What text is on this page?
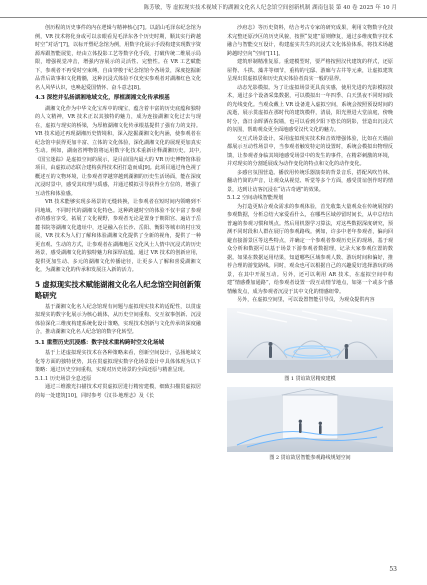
陈芳敏，等 虚拟现实技术视域下的湖湘文化名人纪念馆空间创新机制 湖南包装 第 40 卷 2025 年 10 月

创历程的历史事件的内在逻辑与精神核心[7]。以韶山毛泽东纪念馆为例，VR 技术将化身或可以亲眼看见毛泽东各个历史时期，顺其实行跨越时空“对话”[7]，以标开塑纪念馆为例，用数字化展示手段构建实现数字资源库跟智能展览，经由立体投影工艺等数字化手段，打破传统二维展示局限，增强视觉冲击，增强内容展示的灵活性、完整性。在 VR 工艺赋能下，参观者不再受时空束缚，自由穿梭于纪念馆馆今各场景，深度挖掘新品背后故事和文化精髓，这种沉浸式体验不仅充实参观者对湖湘红色文化名人风华认识，也唤起爱国情怀、奋斗意志[8]。

4.3 深挖并弘扬湖湘地域文化，厚植湖湘文化传承根基

湖湘文化作为中华文化宝库中的瑰宝，蕴含着丰富的历史底蕴和独特的人文精神，VR 技术正以其独特的魅力，成为连接湖湘文化过去与现在，虚拟与现实的桥梁，为厚植湖湘文化传承根基提供了强有力的支持。VR 技术通过再现湖湘历史情境和，深入挖掘湖湘文化内涵，使参观者在纪念馆中获得更加丰富、立体的文化体验，深化湖湘文化的展现更加真实生动。例如，湖南省博物馆将运用数字化技术重新诠释湖湘历史。其中,《国宝迷踪》是虚拟空间的展示，是目前国内最大的 VR 历史博物馆体验项目，由虚拟动态联合建构获得技术团打造而成[9]。此项目通过角色视了概述互的文物环境，让参观者穿越穿越到湖湘的历史生活场面，能在深度沉浸时景中，感受其纹理与质感，并通过模拟引导获得全方位的，增强了互动性和体验感。

VR 技术能够实现多场景的无缝转换，让参观者在短时间内领略到不同地域、不同时代的湖湘文化特色。这种跨越时空的体验不仅丰富了参观者的感官享受，拓展了文化视野，参观者无论是置身于朝阳宫、遍访于岳麓书院等湖湘文化遗址中，还是融入在长沙、岳阳、衡阳等城市的村庄发展，VR 技术为人们了解和体验湖湘文化提供了全新的视角，提供了一种更直观、生动的方式，让参观者在湖湘地区文化风土人情中沉浸式的历史场景，感受湖湘文化的独特魅力和深厚底蕴。通过 VR 技术的创新应用，提供更加生动、多元的湖湘文化传播途径，让更多人了解和喜爱湖湘文化，为湖湘文化的传承和发展注入新的活力。

5 虚拟现实技术赋能湖湘文化名人纪念馆空间创新策略研究

基于湖湘文化名人纪念馆现有问题与虚拟现实技术的适配性，以贯虚拟现实的数字化展示为核心载体，从历史空间重构、交互叙事创新、沉浸体验深化三维度构建系统化设计策略，实现技术创新与文化传承的深度融合，推动湖湘文化名人纪念馆的数字化转型。

5.1 重塑历史沉浸感：数字技术重构跨时空文化场域

基于上述虚拟现实技术在各种策略来看，创新空间设计，弘扬地域文化等方面的独特优势，其在贯虚拟现实数字化场景设计中具体体现为以下策略：通过历史空间重构，实现对历史场景的全面还原与精准呈现。

5.1.1 历史场景全息还原

通过三维激光扫描技术对贯虚拟居进行精密建模，细致扫描贯虚拟居的每一处建筑[10]，同时参考《汉书·地理志》及《长

沙府志》等历史资料，结合考古专家的研究成果，利用文物数字化技术完整还原沙区的历史风貌，按照“复建”原则修复，通过多维度数字技术融合与智能交互设计，构建虚实共生的沉浸式文化体验体系，将技术场越跨越时空向“空间”[11]。

建筑形制精准复原。重建模型时，要严格按照汉代建筑的样式，还原屋脊、斗拱、藻井等细节，重构的宅邸、游廊与古井等元素，让虚拟建筑呈现出贯虚拟居和历史真实体验者真实一般的显得。

动态光影模拟。为了让虚拟场景更具真实感，使用先进的光影模拟技术，通过多个设备采集数据，可以模拟出一年四季、白天黑夜不同时间段的光线变化。当观众戴上 VR 设备进入虚拟空间，系统会按照预设时间的流逝，展示贯虚拟在那时代的建筑模样，清晨，阳光照进大堂前庭，傍晚时分，落日余晖洒在院墙，也可以看到夕阳下悠长的阴影，营造出沉浸式的氛围，帮助观众更全面地感受汉代文化的魅力。

交互式场景设计。采用虚拟现实技术和音效增强体验，比如在天墙前都展示互动性场景中，当参观者触发特定的设置时，系统会模拟出物理反馈，让参观者身临其境地感受场景中的发生的事件，在精彩刺激的环境，并对现实的分割延展成为动作变化的特点和文化的动作变化。

多感官氛围营造。播放用传统乐器演奏的背景音乐，搭配风吹竹林、翻动竹简的声音，让观众从视觉、听觉等多个方面，感受贯谊创作时的情景，达到让访客沉浸在“访古奇遇”的效果。

5.1.2 空间动线智能规划

为打造更贴合观众需求的参观体验，首先收集大量观众在传统展馆的参观数据，分析总结大家爱看什么，在哪些区域停留时间长，从中总结出普遍的参观习惯和规点。然后用机器学习算法，对这些数据深度研究，预测不同时段和人群在展厅的参观路线。例如，许多中老年参观者，偏向回避直接游景区等这些特点，并确定一个参观者参观历史区的现场，基于观众分析和数据可以基于场景下游参观者数据理，记录大家参观位置的数据。如果在数据运用结果，知道哪些区域参观人数、游玩时间和偏好，推荐合理的游览路线。同时，观众也可以根据自己的兴趣爱好选择游玩的场景，在其中开展互动。另外，还可以利用 AR 技术，在虚拟空间中构建“情感叠加通路”，给参观者设置一段互动情节地点，如第一个或多个感情触发点，成为参观者沉浸于其中文化的情感纽带。

另外，在虚拟空间里，可以设置智能引导员，为观众提供内容

图 1 贯谊故居精度建模
图 2 贯谊故居智能参观路线规划空间
53
